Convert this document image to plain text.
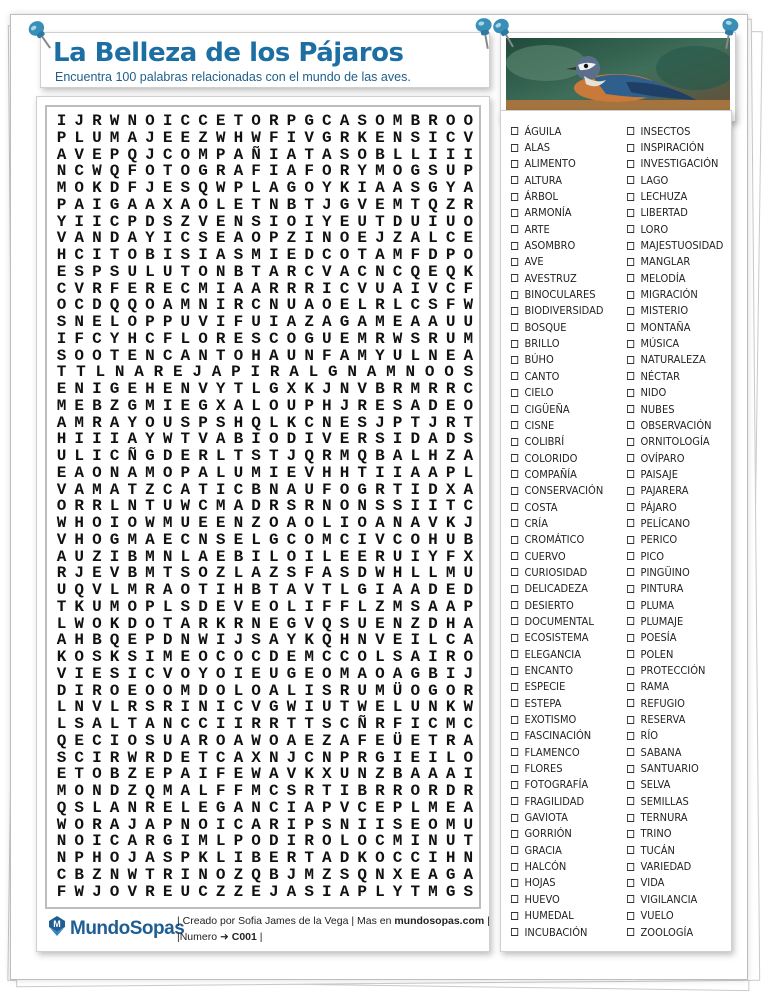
La Belleza de los Pájaros
Encuentra 100 palabras relacionadas con el mundo de las aves.
I J R W N O I C C E T O R P G C A S O M B R O O
P L U M A J E E Z W H W F I V G R K E N S I C V
A V E P Q J C O M P A Ñ I A T A S O B L L I I I
N C W Q F O T O G R A F I A F O R Y M O G S U P
M O K D F J E S Q W P L A G O Y K I A A S G Y A
P A I G A A X A O L E T N B T J G V E M T Q Z R
Y I I C P D S Z V E N S I O I Y E U T D U I U O
V A N D A Y I C S E A O P Z I N O E J Z A L C E
H C I T O B I S I A S M I E D C O T A M F D P O
E S P S U L U T O N B T A R C V A C N C Q E Q K
C V R F E R E C M I A A R R R I C V U A I V C F
O C D Q Q O A M N I R C N U A O E L R L C S F W
S N E L O P P U V I F U I A Z A G A M E A A U U
I F C Y H C F L O R E S C O G U E M R W S R U M
S O O T E N C A N T O H A U N F A M Y U L N E A
T T L N A R E J A P I R A L G N A M N O O S
E N I G E H E N V Y T L G X K J N V B R M R R C
M E B Z G M I E G X A L O U P H J R E S A D E O
A M R A Y O U S P S H Q L K C N E S J P T J R T
H I I I A Y W T V A B I O D I V E R S I D A D S
U L I C Ñ G D E R L T S T J Q R M Q B A L H Z A
E A O N A M O P A L U M I E V H H T I I A A P L
V A M A T Z C A T I C B N A U F O G R T I D X A
O R R L N T U W C M A D R S R N O N S S I I T C
W H O I O W M U E E N Z O A O L I O A N A V K J
V H O G M A E C N S E L G C O M C I V C O H U B
A U Z I B M N L A E B I L O I L E E R U I Y F X
R J E V B M T S O Z L A Z S F A S D W H L L M U
U Q V L M R A O T I H B T A V T L G I A A D E D
T K U M O P L S D E V E O L I F F L Z M S A A P
L W O K D O T A R K R N E G V Q S U E N Z D H A
A H B Q E P D N W I J S A Y K Q H N V E I L C A
K O S K S I M E O C O C D E M C C O L S A I R O
V I E S I C V O Y O I E U G E O M A O A G B I J
D I R O E O O M D O L O A L I S R U M Ü O G O R
L N V L R S R I N I C V G W I U T W E L U N K W
L S A L T A N C C I I R R T T S C Ñ R F I C M C
Q E C I O S U A R O A W O A E Z A F E Ü E T R A
S C I R W R D E T C A X N J C N P R G I E I L O
E T O B Z E P A I F E W A V K X U N Z B A A A I
M O N D Z Q M A L F F M C S R T I B R R O R D R
Q S L A N R E L E G A N C I A P V C E P L M E A
W O R A J A P N O I C A R I P S N I I S E O M U
N O I C A R G I M L P O D I R O L O C M I N U T
N P H O J A S P K L I B E R T A D K O C C I H N
C B Z N W T R I N O Z Q B J M Z S Q N X E A G A
F W J O V R E U C Z Z E J A S I A P L Y T M G S
M MundoSopas
| Creado por Sofia James de la Vega | Mas en mundosopas.com |
|Numero ➜ C001 |
ÁGUILA
ALAS
ALIMENTO
ALTURA
ÁRBOL
ARMONÍA
ARTE
ASOMBRO
AVE
AVESTRUZ
BINOCULARES
BIODIVERSIDAD
BOSQUE
BRILLO
BÚHO
CANTO
CIELO
CIGÜEÑA
CISNE
COLIBRÍ
COLORIDO
COMPAÑÍA
CONSERVACIÓN
COSTA
CRÍA
CROMÁTICO
CUERVO
CURIOSIDAD
DELICADEZA
DESIERTO
DOCUMENTAL
ECOSISTEMA
ELEGANCIA
ENCANTO
ESPECIE
ESTEPA
EXOTISMO
FASCINACIÓN
FLAMENCO
FLORES
FOTOGRAFÍA
FRAGILIDAD
GAVIOTA
GORRIÓN
GRACIA
HALCÓN
HOJAS
HUEVO
HUMEDAL
INCUBACIÓN
INSECTOS
INSPIRACIÓN
INVESTIGACIÓN
LAGO
LECHUZA
LIBERTAD
LORO
MAJESTUOSIDAD
MANGLAR
MELODÍA
MIGRACIÓN
MISTERIO
MONTAÑA
MÚSICA
NATURALEZA
NÉCTAR
NIDO
NUBES
OBSERVACIÓN
ORNITOLOGÍA
OVÍPARO
PAISAJE
PAJARERA
PÁJARO
PELÍCANO
PERICO
PICO
PINGÜINO
PINTURA
PLUMA
PLUMAJE
POESÍA
POLEN
PROTECCIÓN
RAMA
REFUGIO
RESERVA
RÍO
SABANA
SANTUARIO
SELVA
SEMILLAS
TERNURA
TRINO
TUCÁN
VARIEDAD
VIDA
VIGILANCIA
VUELO
ZOOLOGÍA
